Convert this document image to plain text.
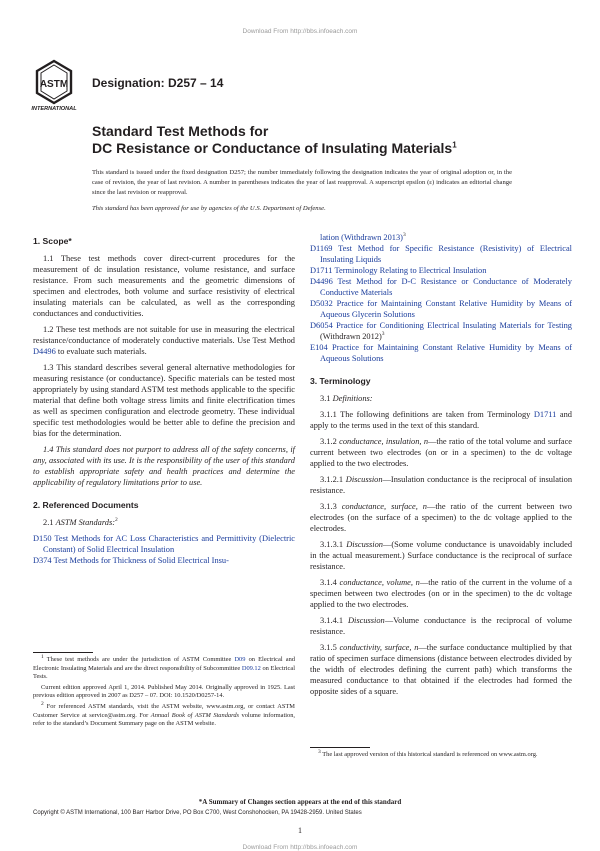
Download From http://bbs.infoeach.com
ASTM
INTERNATIONAL
Designation: D257 – 14
Standard Test Methods for
DC Resistance or Conductance of Insulating Materials$^1$
This standard is issued under the fixed designation D257; the number immediately following the designation indicates the year of original adoption or, in the case of revision, the year of last revision. A number in parentheses indicates the year of last reapproval. A superscript epsilon (ε) indicates an editorial change since the last revision or reapproval.
This standard has been approved for use by agencies of the U.S. Department of Defense.
1. Scope*

1.1 These test methods cover direct-current procedures for the measurement of dc insulation resistance, volume resistance, and surface resistance. From such measurements and the geometric dimensions of specimen and electrodes, both volume and surface resistivity of electrical insulating materials can be calculated, as well as the corresponding conductances and conductivities.

1.2 These test methods are not suitable for use in measuring the electrical resistance/conductance of moderately conductive materials. Use Test Method D4496 to evaluate such materials.

1.3 This standard describes several general alternative methodologies for measuring resistance (or conductance). Specific materials can be tested most appropriately by using standard ASTM test methods applicable to the specific material that define both voltage stress limits and finite electrification times as well as specimen configuration and electrode geometry. These individual specific test methodologies would be better able to define the precision and bias for the determination.

1.4 This standard does not purport to address all of the safety concerns, if any, associated with its use. It is the responsibility of the user of this standard to establish appropriate safety and health practices and determine the applicability of regulatory limitations prior to use.

2. Referenced Documents

2.1 ASTM Standards:$^2$

D150 Test Methods for AC Loss Characteristics and Permittivity (Dielectric Constant) of Solid Electrical Insulation
D374 Test Methods for Thickness of Solid Electrical Insu-

$^1$ These test methods are under the jurisdiction of ASTM Committee D09 on Electrical and Electronic Insulating Materials and are the direct responsibility of Subcommittee D09.12 on Electrical Tests.

Current edition approved April 1, 2014. Published May 2014. Originally approved in 1925. Last previous edition approved in 2007 as D257 – 07. DOI: 10.1520/D0257-14.

$^2$ For referenced ASTM standards, visit the ASTM website, www.astm.org, or contact ASTM Customer Service at service@astm.org. For Annual Book of ASTM Standards volume information, refer to the standard’s Document Summary page on the ASTM website.

lation (Withdrawn 2013)$^3$
D1169 Test Method for Specific Resistance (Resistivity) of Electrical Insulating Liquids
D1711 Terminology Relating to Electrical Insulation
D4496 Test Method for D-C Resistance or Conductance of Moderately Conductive Materials
D5032 Practice for Maintaining Constant Relative Humidity by Means of Aqueous Glycerin Solutions
D6054 Practice for Conditioning Electrical Insulating Materials for Testing (Withdrawn 2012)$^3$
E104 Practice for Maintaining Constant Relative Humidity by Means of Aqueous Solutions
3. Terminology

3.1 Definitions:

3.1.1 The following definitions are taken from Terminology D1711 and apply to the terms used in the text of this standard.

3.1.2 conductance, insulation, n—the ratio of the total volume and surface current between two electrodes (on or in a specimen) to the dc voltage applied to the two electrodes.

3.1.2.1 Discussion—Insulation conductance is the reciprocal of insulation resistance.

3.1.3 conductance, surface, n—the ratio of the current between two electrodes (on the surface of a specimen) to the dc voltage applied to the electrodes.

3.1.3.1 Discussion—(Some volume conductance is unavoidably included in the actual measurement.) Surface conductance is the reciprocal of surface resistance.

3.1.4 conductance, volume, n—the ratio of the current in the volume of a specimen between two electrodes (on or in the specimen) to the dc voltage applied to the two electrodes.

3.1.4.1 Discussion—Volume conductance is the reciprocal of volume resistance.

3.1.5 conductivity, surface, n—the surface conductance multiplied by that ratio of specimen surface dimensions (distance between electrodes divided by the width of electrodes defining the current path) which transforms the measured conductance to that obtained if the electrodes had formed the opposite sides of a square.

$^3$ The last approved version of this historical standard is referenced on www.astm.org.

*A Summary of Changes section appears at the end of this standard
Copyright © ASTM International, 100 Barr Harbor Drive, PO Box C700, West Conshohocken, PA 19428-2959. United States
1
Download From http://bbs.infoeach.com
